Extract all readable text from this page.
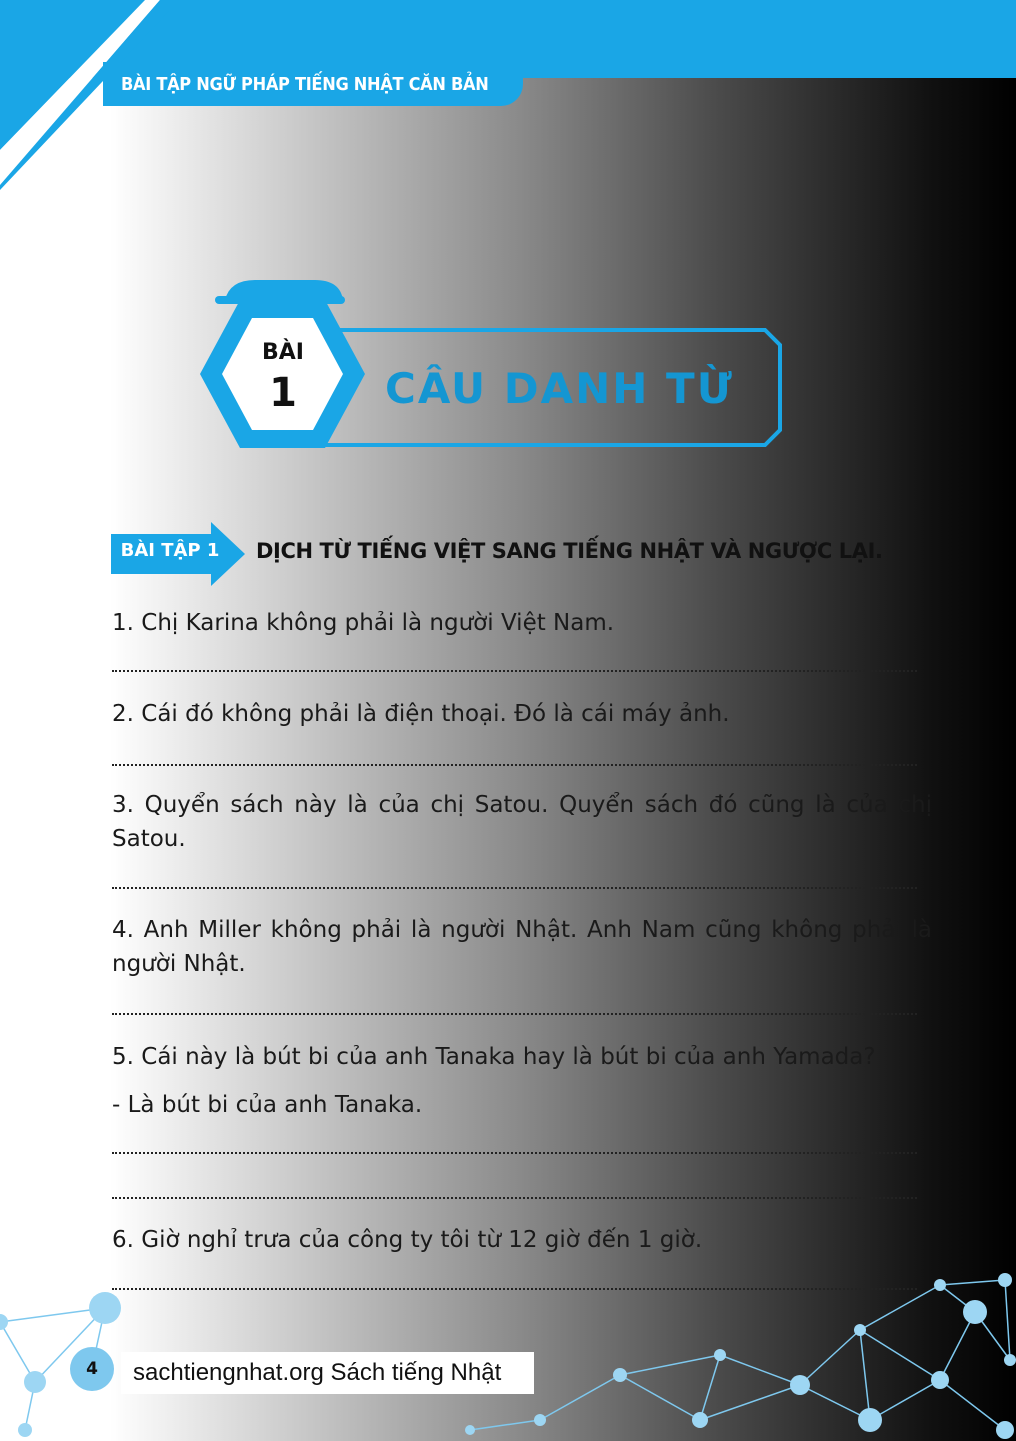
BÀI TẬP NGỮ PHÁP TIẾNG NHẬT CĂN BẢN
BÀI
1	CÂU DANH TỪ
BÀI TẬP 1	DỊCH TỪ TIẾNG VIỆT SANG TIẾNG NHẬT VÀ NGƯỢC LẠI.

1. Chị Karina không phải là người Việt Nam.

2. Cái đó không phải là điện thoại. Đó là cái máy ảnh.

3. Quyển sách này là của chị Satou. Quyển sách đó cũng là của chị Satou.

4. Anh Miller không phải là người Nhật. Anh Nam cũng không phải là người Nhật.

5. Cái này là bút bi của anh Tanaka hay là bút bi của anh Yamada?

- Là bút bi của anh Tanaka.

6. Giờ nghỉ trưa của công ty tôi từ 12 giờ đến 1 giờ.

4	sachtiengnhat.org Sách tiếng Nhật
